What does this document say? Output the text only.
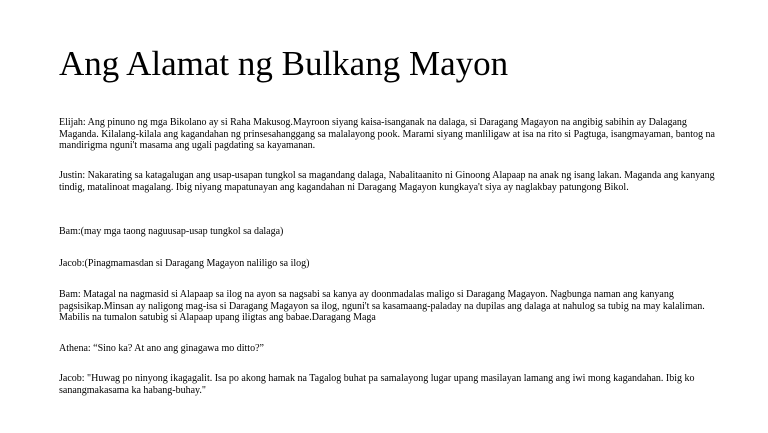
Ang Alamat ng Bulkang Mayon

Elijah: Ang pinuno ng mga Bikolano ay si Raha Makusog.Mayroon siyang kaisa-isanganak na dalaga, si Daragang Magayon na angibig sabihin ay Dalagang Maganda. Kilalang-kilala ang kagandahan ng prinsesahanggang sa malalayong pook. Marami siyang manliligaw at isa na rito si Pagtuga, isangmayaman, bantog na mandirigma nguni't masama ang ugali pagdating sa kayamanan.

Justin: Nakarating sa katagalugan ang usap-usapan tungkol sa magandang dalaga, Nabalitaanito ni Ginoong Alapaap na anak ng isang lakan. Maganda ang kanyang tindig, matalinoat magalang. Ibig niyang mapatunayan ang kagandahan ni Daragang Magayon kungkaya't siya ay naglakbay patungong Bikol.

Bam:(may mga taong naguusap-usap tungkol sa dalaga)

Jacob:(Pinagmamasdan si Daragang Magayon naliligo sa ilog)

Bam: Matagal na nagmasid si Alapaap sa ilog na ayon sa nagsabi sa kanya ay doonmadalas maligo si Daragang Magayon. Nagbunga naman ang kanyang pagsisikap.Minsan ay naligong mag-isa si Daragang Magayon sa ilog, nguni't sa kasamaang-paladay na dupilas ang dalaga at nahulog sa tubig na may kalaliman. Mabilis na tumalon satubig si Alapaap upang iligtas ang babae.Daragang Maga

Athena: “Sino ka? At ano ang ginagawa mo ditto?”

Jacob: "Huwag po ninyong ikagagalit. Isa po akong hamak na Tagalog buhat pa samalayong lugar upang masilayan lamang ang iwi mong kagandahan. Ibig ko sanangmakasama ka habang-buhay."
